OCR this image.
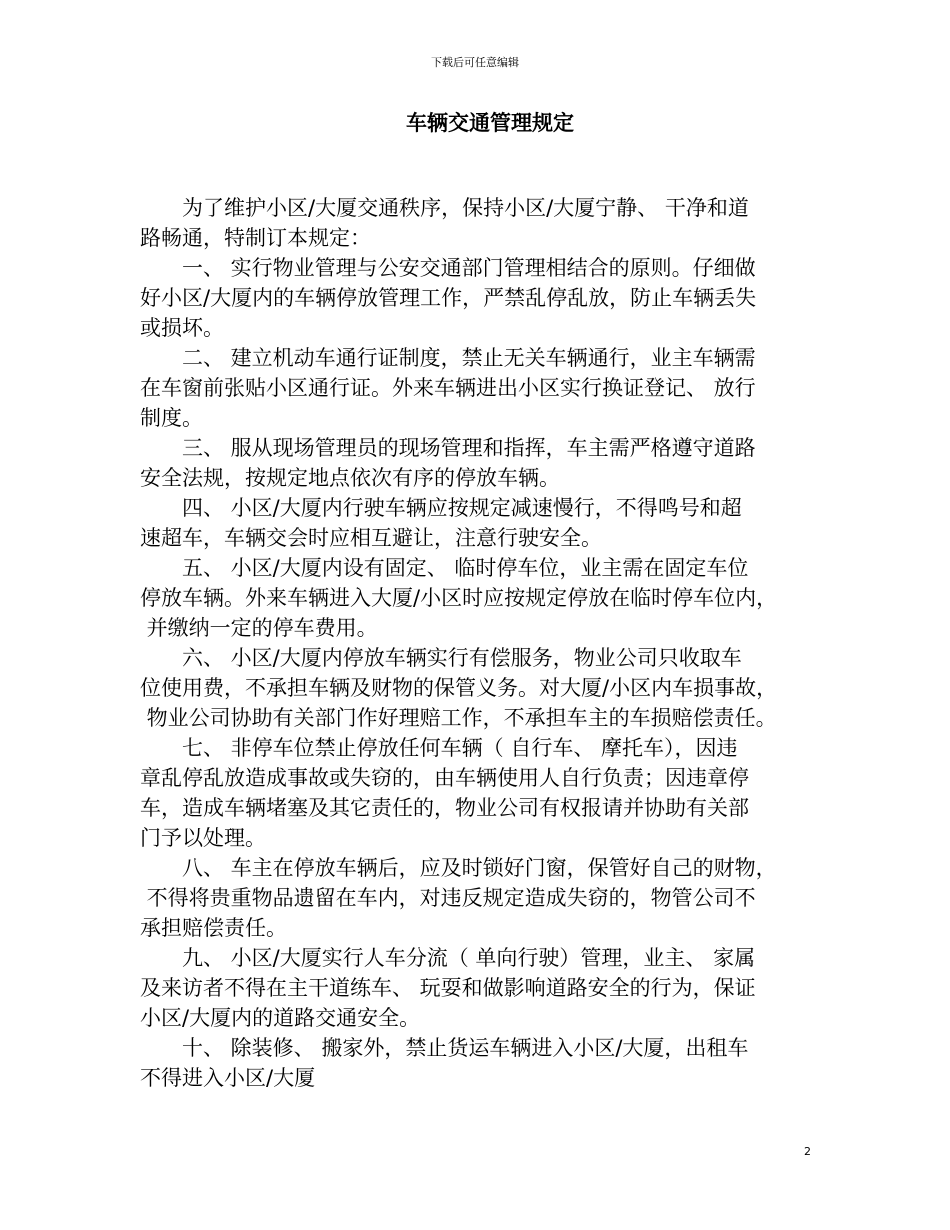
下载后可任意编辑
车辆交通管理规定
　　为了维护小区/大厦交通秩序，保持小区/大厦宁静、 干净和道
路畅通，特制订本规定：
　　一、 实行物业管理与公安交通部门管理相结合的原则。仔细做
好小区/大厦内的车辆停放管理工作，严禁乱停乱放，防止车辆丢失
或损坏。
　　二、 建立机动车通行证制度，禁止无关车辆通行，业主车辆需
在车窗前张贴小区通行证。外来车辆进出小区实行换证登记、 放行
制度。
　　三、 服从现场管理员的现场管理和指挥，车主需严格遵守道路
安全法规，按规定地点依次有序的停放车辆。
　　四、 小区/大厦内行驶车辆应按规定减速慢行，不得鸣号和超
速超车，车辆交会时应相互避让，注意行驶安全。
　　五、 小区/大厦内设有固定、 临时停车位，业主需在固定车位
停放车辆。外来车辆进入大厦/小区时应按规定停放在临时停车位内，
并缴纳一定的停车费用。
　　六、 小区/大厦内停放车辆实行有偿服务，物业公司只收取车
位使用费，不承担车辆及财物的保管义务。对大厦/小区内车损事故，
物业公司协助有关部门作好理赔工作，不承担车主的车损赔偿责任。
　　七、 非停车位禁止停放任何车辆（ 自行车、 摩托车），因违
章乱停乱放造成事故或失窃的，由车辆使用人自行负责；因违章停
车，造成车辆堵塞及其它责任的，物业公司有权报请并协助有关部
门予以处理。
　　八、 车主在停放车辆后，应及时锁好门窗，保管好自己的财物，
不得将贵重物品遗留在车内，对违反规定造成失窃的，物管公司不
承担赔偿责任。
　　九、 小区/大厦实行人车分流（ 单向行驶）管理，业主、 家属
及来访者不得在主干道练车、 玩耍和做影响道路安全的行为，保证
小区/大厦内的道路交通安全。
　　十、 除装修、 搬家外，禁止货运车辆进入小区/大厦，出租车
不得进入小区/大厦
2
